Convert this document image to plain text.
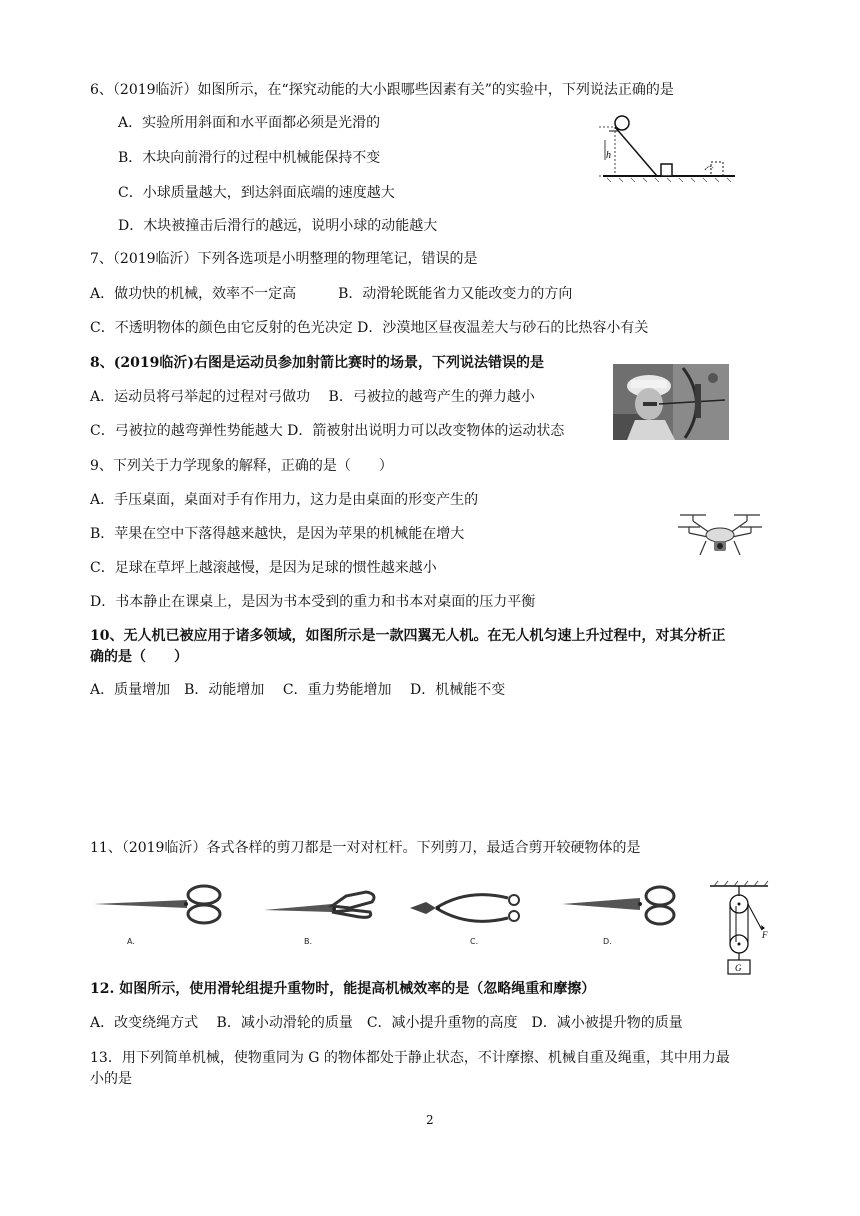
6、（2019临沂）如图所示，在“探究动能的大小跟哪些因素有关”的实验中，下列说法正确的是
A．实验所用斜面和水平面都必须是光滑的
B．木块向前滑行的过程中机械能保持不变
C．小球质量越大，到达斜面底端的速度越大
D．木块被撞击后滑行的越远，说明小球的动能越大
h
7、（2019临沂）下列各选项是小明整理的物理笔记，错误的是
A．做功快的机械，效率不一定高　　　B．动滑轮既能省力又能改变力的方向
C．不透明物体的颜色由它反射的色光决定 D．沙漠地区昼夜温差大与砂石的比热容小有关
8、(2019临沂)右图是运动员参加射箭比赛时的场景，下列说法错误的是
A．运动员将弓举起的过程对弓做功　 B．弓被拉的越弯产生的弹力越小
C．弓被拉的越弯弹性势能越大 D．箭被射出说明力可以改变物体的运动状态
9、下列关于力学现象的解释，正确的是（　　）
A．手压桌面，桌面对手有作用力，这力是由桌面的形变产生的
B．苹果在空中下落得越来越快，是因为苹果的机械能在增大
C．足球在草坪上越滚越慢，是因为足球的惯性越来越小
D．书本静止在课桌上，是因为书本受到的重力和书本对桌面的压力平衡
10、无人机已被应用于诸多领域，如图所示是一款四翼无人机。在无人机匀速上升过程中，对其分析正
确的是（　　）
A．质量增加　B．动能增加　 C．重力势能增加　 D．机械能不变
11、（2019临沂）各式各样的剪刀都是一对对杠杆。下列剪刀，最适合剪开较硬物体的是
A.	B.	C.	D.
F
G
12. 如图所示，使用滑轮组提升重物时，能提高机械效率的是（忽略绳重和摩擦）
A．改变绕绳方式　 B．减小动滑轮的质量　C．减小提升重物的高度　D．减小被提升物的质量
13．用下列简单机械，使物重同为 G 的物体都处于静止状态，不计摩擦、机械自重及绳重，其中用力最
小的是
2
